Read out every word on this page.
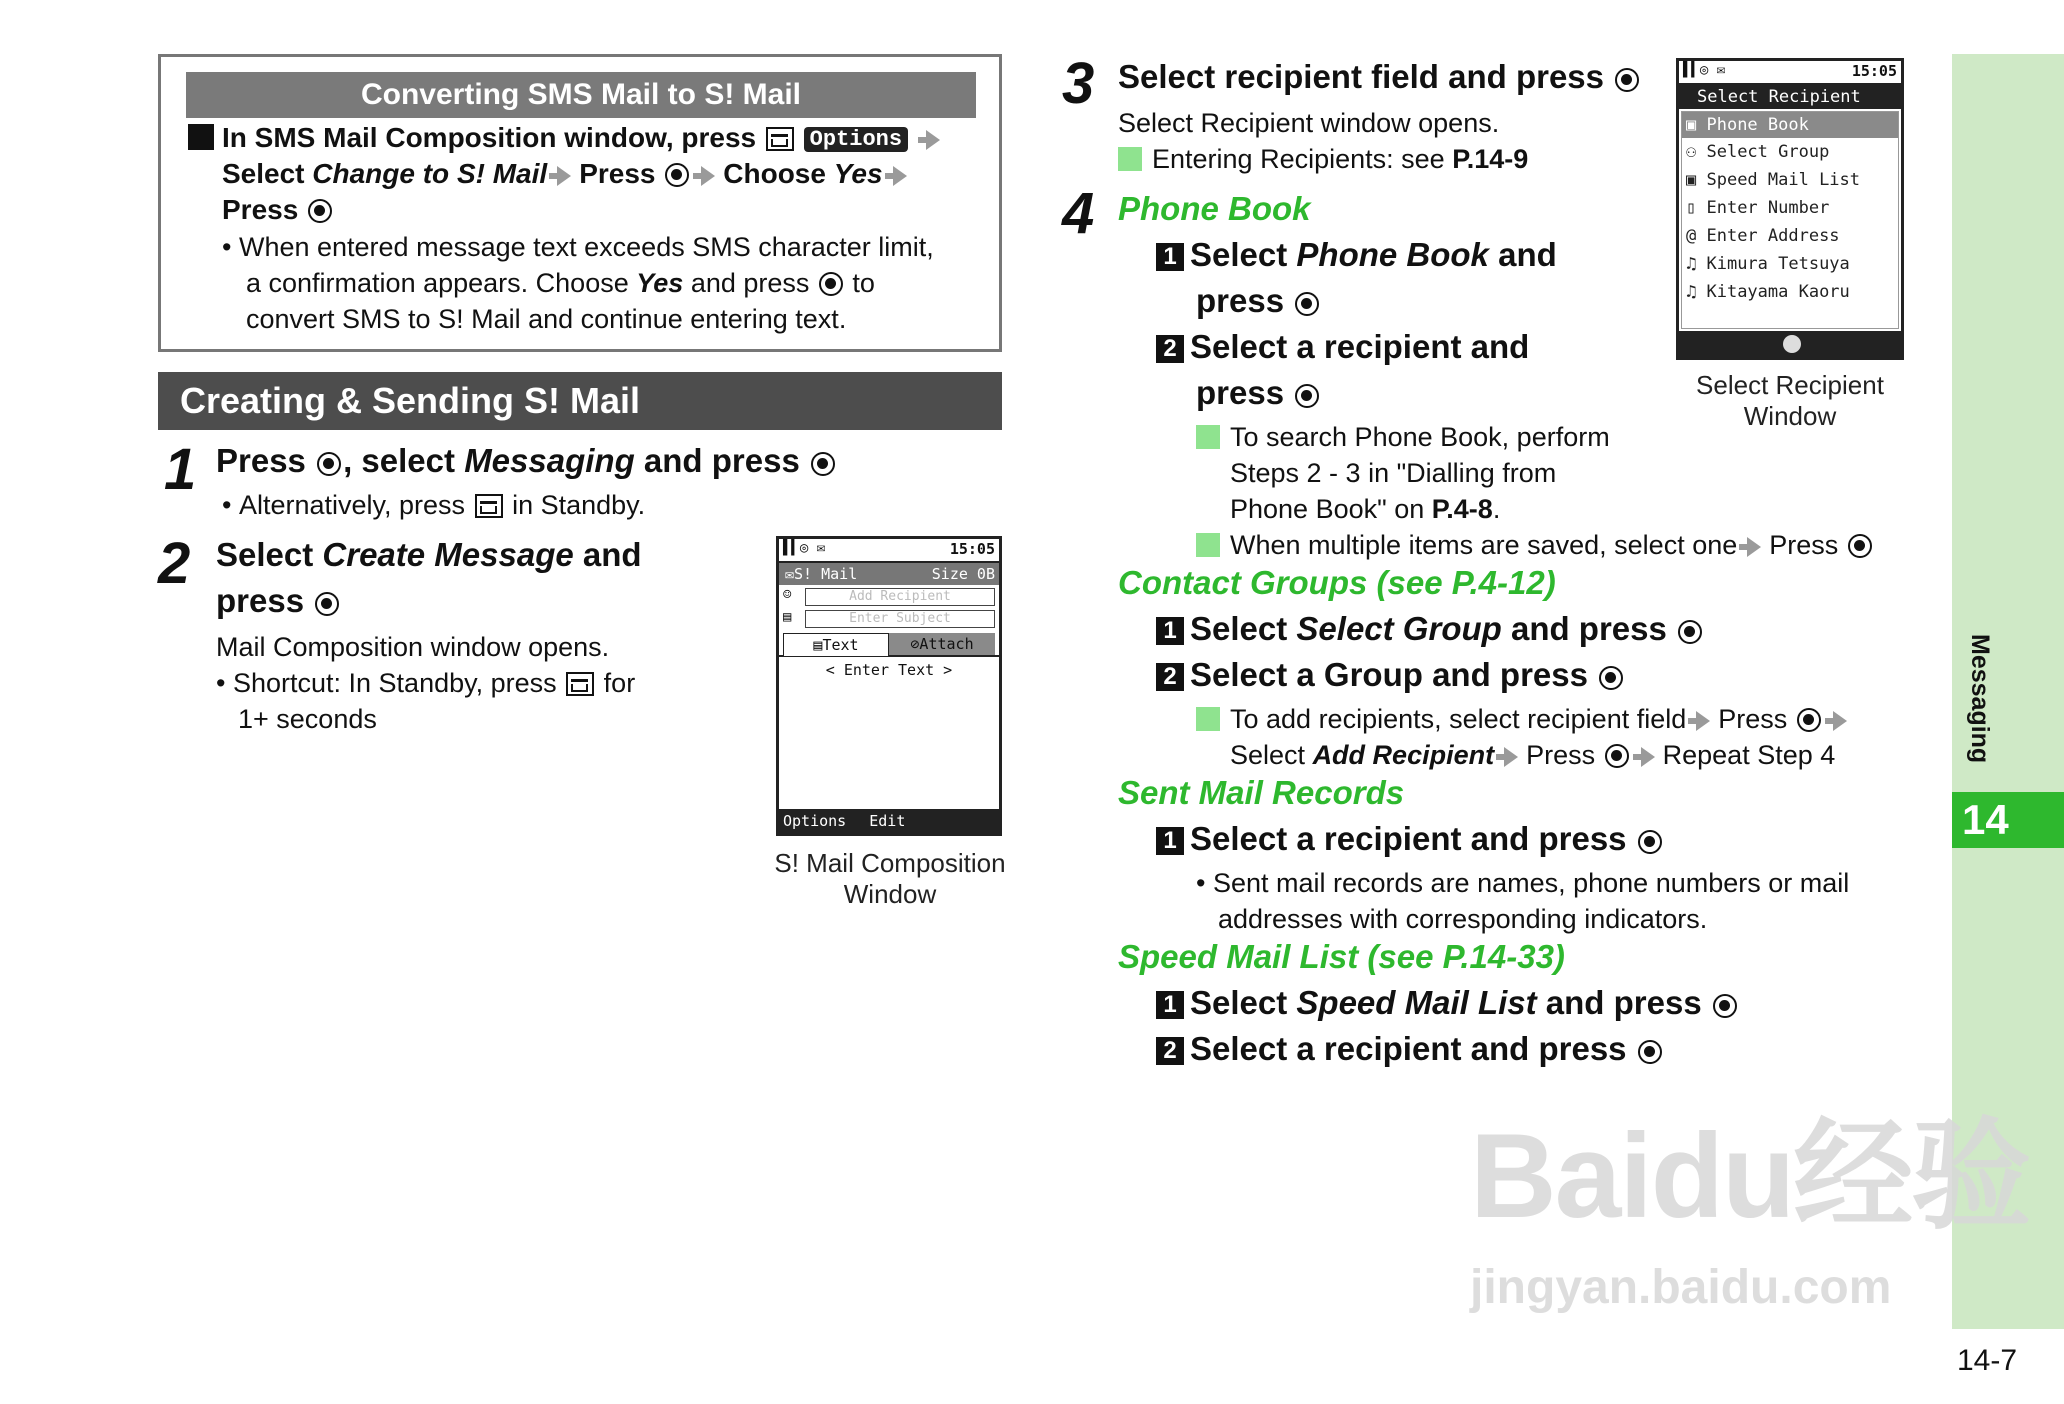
Converting SMS Mail to S! Mail
In SMS Mail Composition window, press Options
Select Change to S! Mail Press Choose Yes
Press
• When entered message text exceeds SMS character limit,
a confirmation appears. Choose Yes and press to
convert SMS to S! Mail and continue entering text.
Creating & Sending S! Mail
1 Press , select Messaging and press
• Alternatively, press in Standby.
2 Select Create Message and
press
Mail Composition window opens.
• Shortcut: In Standby, press for
1+ seconds
▌▍◎ ✉	15:05
✉S! Mail	Size 0B
☺	Add Recipient
▤	Enter Subject
▤Text	⊘Attach
< Enter Text >
Options Edit
S! Mail Composition
Window
3 Select recipient field and press
Select Recipient window opens.
Entering Recipients: see P.14-9
▌▍◎ ✉	15:05
Select Recipient
▣ Phone Book
⚇ Select Group
▣ Speed Mail List
▯ Enter Number
@ Enter Address
♫ Kimura Tetsuya
♫ Kitayama Kaoru
Select Recipient
Window
4 Phone Book
1 Select Phone Book and
press
2 Select a recipient and
press
To search Phone Book, perform
Steps 2 - 3 in "Dialling from
Phone Book" on P.4-8.
When multiple items are saved, select one Press
Contact Groups (see P.4-12)
1 Select Select Group and press
2 Select a Group and press
To add recipients, select recipient field Press
Select Add Recipient Press	Repeat Step 4
Sent Mail Records
1 Select a recipient and press
• Sent mail records are names, phone numbers or mail
addresses with corresponding indicators.
Speed Mail List (see P.14-33)
1 Select Speed Mail List and press
2 Select a recipient and press
Messaging
14
14-7
Baidu经验
jingyan.baidu.com
